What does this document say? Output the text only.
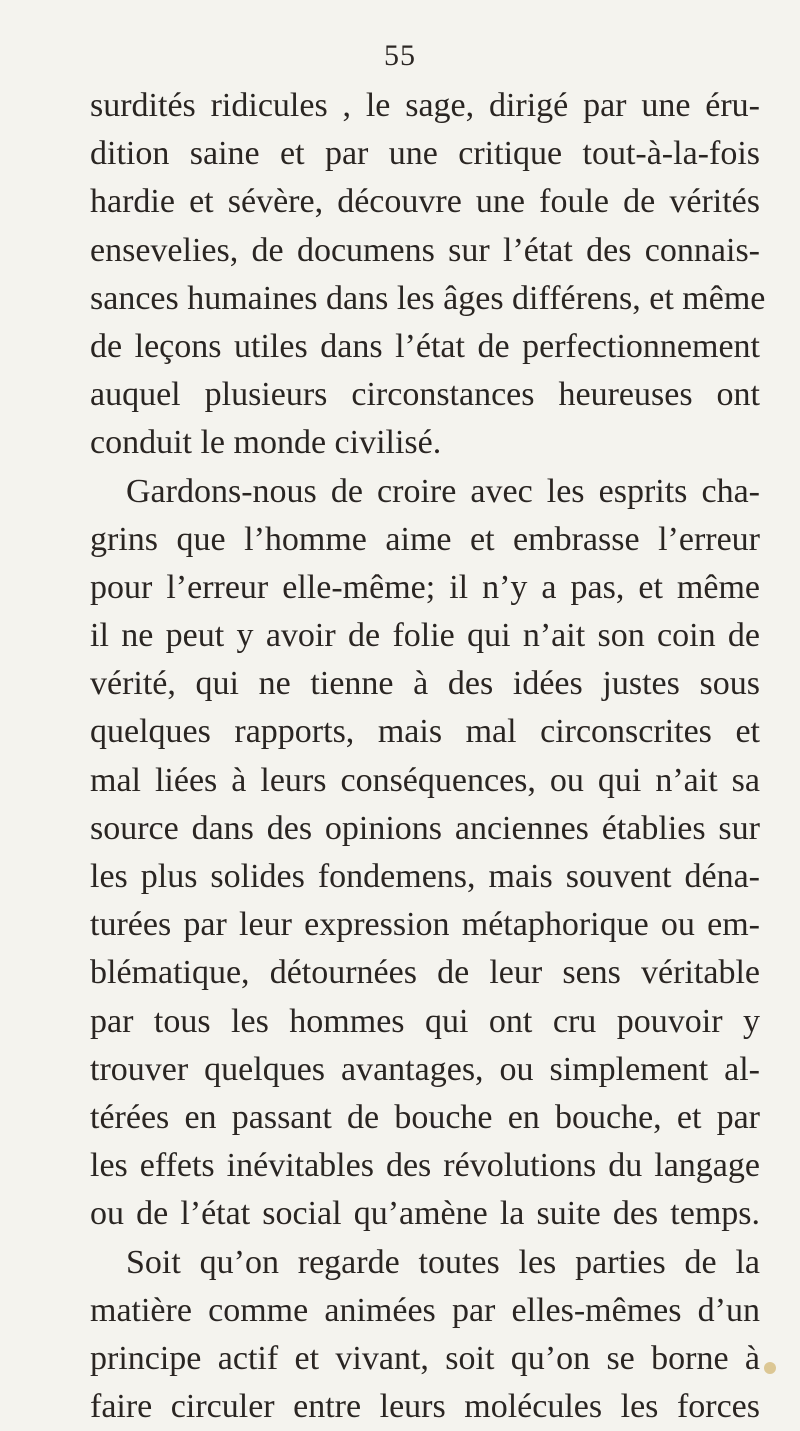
55
surdités ridicules , le sage, dirigé par une éru-
dition saine et par une critique tout-à-la-fois
hardie et sévère, découvre une foule de vérités
ensevelies, de documens sur l’état des connais-
sances humaines dans les âges différens, et même
de leçons utiles dans l’état de perfectionnement
auquel plusieurs circonstances heureuses ont
conduit le monde civilisé.
Gardons-nous de croire avec les esprits cha-
grins que l’homme aime et embrasse l’erreur
pour l’erreur elle-même; il n’y a pas, et même
il ne peut y avoir de folie qui n’ait son coin de
vérité, qui ne tienne à des idées justes sous
quelques rapports, mais mal circonscrites et
mal liées à leurs conséquences, ou qui n’ait sa
source dans des opinions anciennes établies sur
les plus solides fondemens, mais souvent déna-
turées par leur expression métaphorique ou em-
blématique, détournées de leur sens véritable
par tous les hommes qui ont cru pouvoir y
trouver quelques avantages, ou simplement al-
térées en passant de bouche en bouche, et par
les effets inévitables des révolutions du langage
ou de l’état social qu’amène la suite des temps.
Soit qu’on regarde toutes les parties de la
matière comme animées par elles-mêmes d’un
principe actif et vivant, soit qu’on se borne à
faire circuler entre leurs molécules les forces
